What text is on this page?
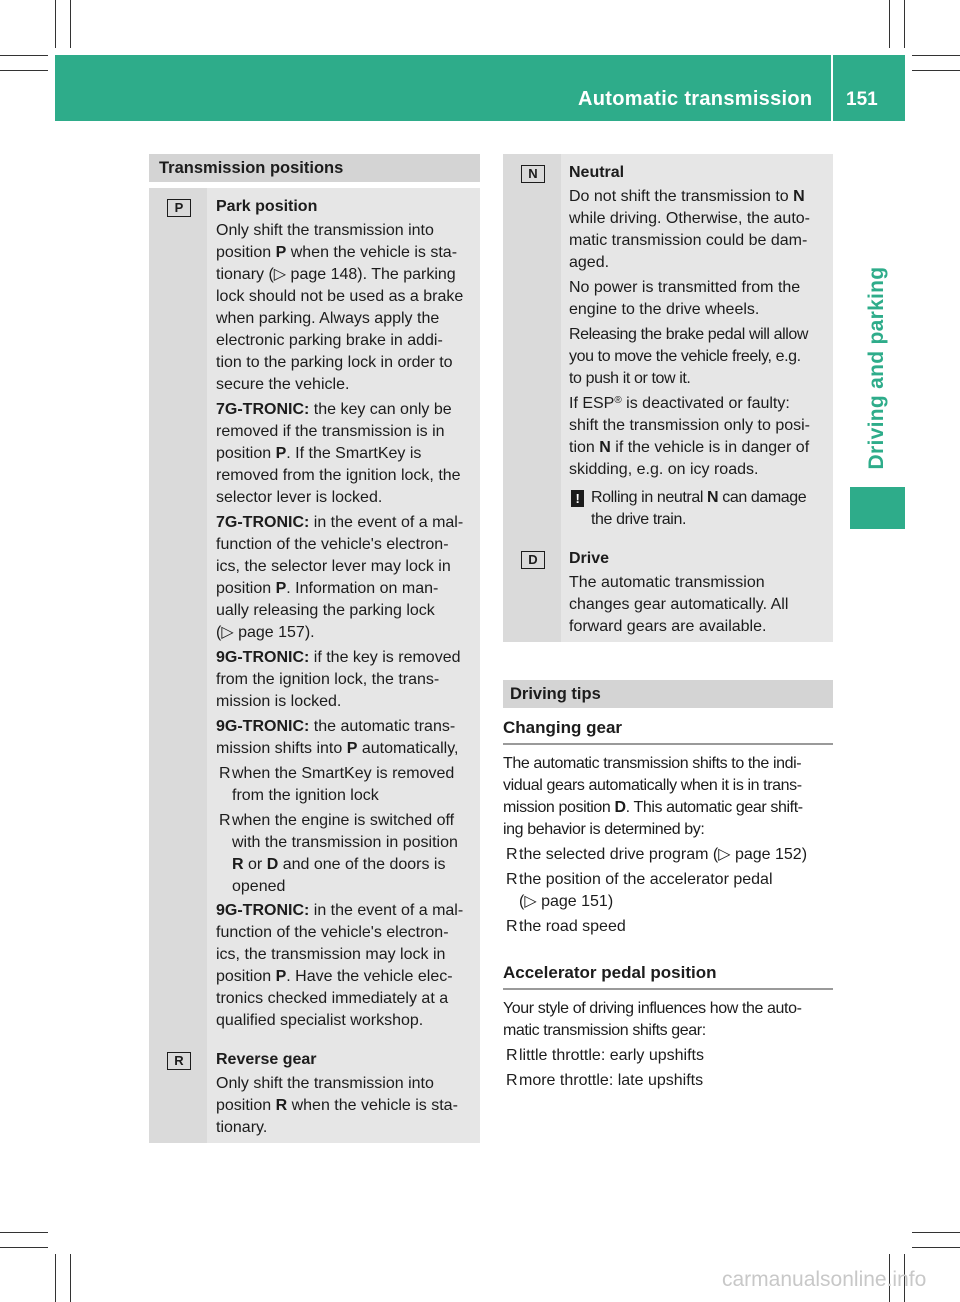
Automatic transmission 151
Driving and parking
Transmission positions
P	Park position
Only shift the transmission into
position P when the vehicle is sta-
tionary (▷ page 148). The parking
lock should not be used as a brake
when parking. Always apply the
electronic parking brake in addi-
tion to the parking lock in order to
secure the vehicle.
7G-TRONIC: the key can only be
removed if the transmission is in
position P. If the SmartKey is
removed from the ignition lock, the
selector lever is locked.
7G-TRONIC: in the event of a mal-
function of the vehicle's electron-
ics, the selector lever may lock in
position P. Information on man-
ually releasing the parking lock
(▷ page 157).
9G-TRONIC: if the key is removed
from the ignition lock, the trans-
mission is locked.
9G-TRONIC: the automatic trans-
mission shifts into P automatically,
R when the SmartKey is removed
from the ignition lock
R when the engine is switched off
with the transmission in position
R or D and one of the doors is
opened
9G-TRONIC: in the event of a mal-
function of the vehicle's electron-
ics, the transmission may lock in
position P. Have the vehicle elec-
tronics checked immediately at a
qualified specialist workshop.
R	Reverse gear
Only shift the transmission into
position R when the vehicle is sta-
tionary.
N	Neutral
Do not shift the transmission to N
while driving. Otherwise, the auto-
matic transmission could be dam-
aged.
No power is transmitted from the
engine to the drive wheels.
Releasing the brake pedal will allow
you to move the vehicle freely, e.g.
to push it or tow it.
If ESP® is deactivated or faulty:
shift the transmission only to posi-
tion N if the vehicle is in danger of
skidding, e.g. on icy roads.
! Rolling in neutral N can damage
the drive train.
D	Drive
The automatic transmission
changes gear automatically. All
forward gears are available.
Driving tips
Changing gear
The automatic transmission shifts to the indi-
vidual gears automatically when it is in trans-
mission position D. This automatic gear shift-
ing behavior is determined by:
R the selected drive program (▷ page 152)
R the position of the accelerator pedal
(▷ page 151)
R the road speed
Accelerator pedal position
Your style of driving influences how the auto-
matic transmission shifts gear:
R little throttle: early upshifts
R more throttle: late upshifts
carmanualsonline.info
